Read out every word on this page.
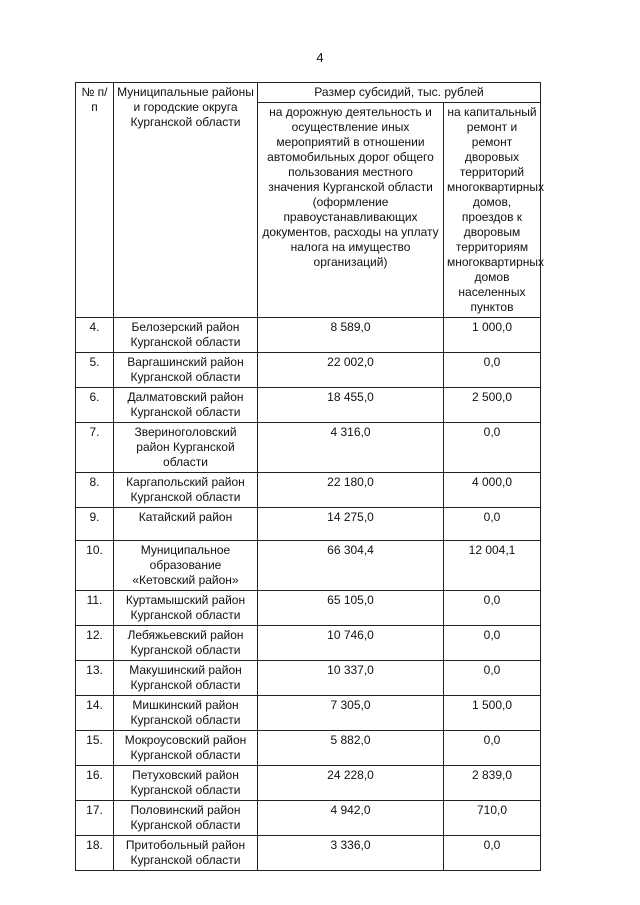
4
№ п/п	Муниципальные районы и городские округа Курганской области	Размер субсидий, тыс. рублей	
		на дорожную деятельность и осуществление иных мероприятий в отношении автомобильных дорог общего пользования местного значения Курганской области (оформление правоустанавливающих документов, расходы на уплату налога на имущество организаций)	на капитальный ремонт и ремонт дворовых территорий многоквартирных домов, проездов к дворовым территориям многоквартирных домов населенных пунктов
4.	Белозерский район Курганской области	8 589,0	1 000,0
5.	Варгашинский район Курганской области	22 002,0	0,0
6.	Далматовский район Курганской области	18 455,0	2 500,0
7.	Звериноголовский район Курганской области	4 316,0	0,0
8.	Каргапольский район Курганской области	22 180,0	4 000,0
9.	Катайский район	14 275,0	0,0
10.	Муниципальное образование «Кетовский район»	66 304,4	12 004,1
11.	Куртамышский район Курганской области	65 105,0	0,0
12.	Лебяжьевский район Курганской области	10 746,0	0,0
13.	Макушинский район Курганской области	10 337,0	0,0
14.	Мишкинский район Курганской области	7 305,0	1 500,0
15.	Мокроусовский район Курганской области	5 882,0	0,0
16.	Петуховский район Курганской области	24 228,0	2 839,0
17.	Половинский район Курганской области	4 942,0	710,0
18.	Притобольный район Курганской области	3 336,0	0,0
